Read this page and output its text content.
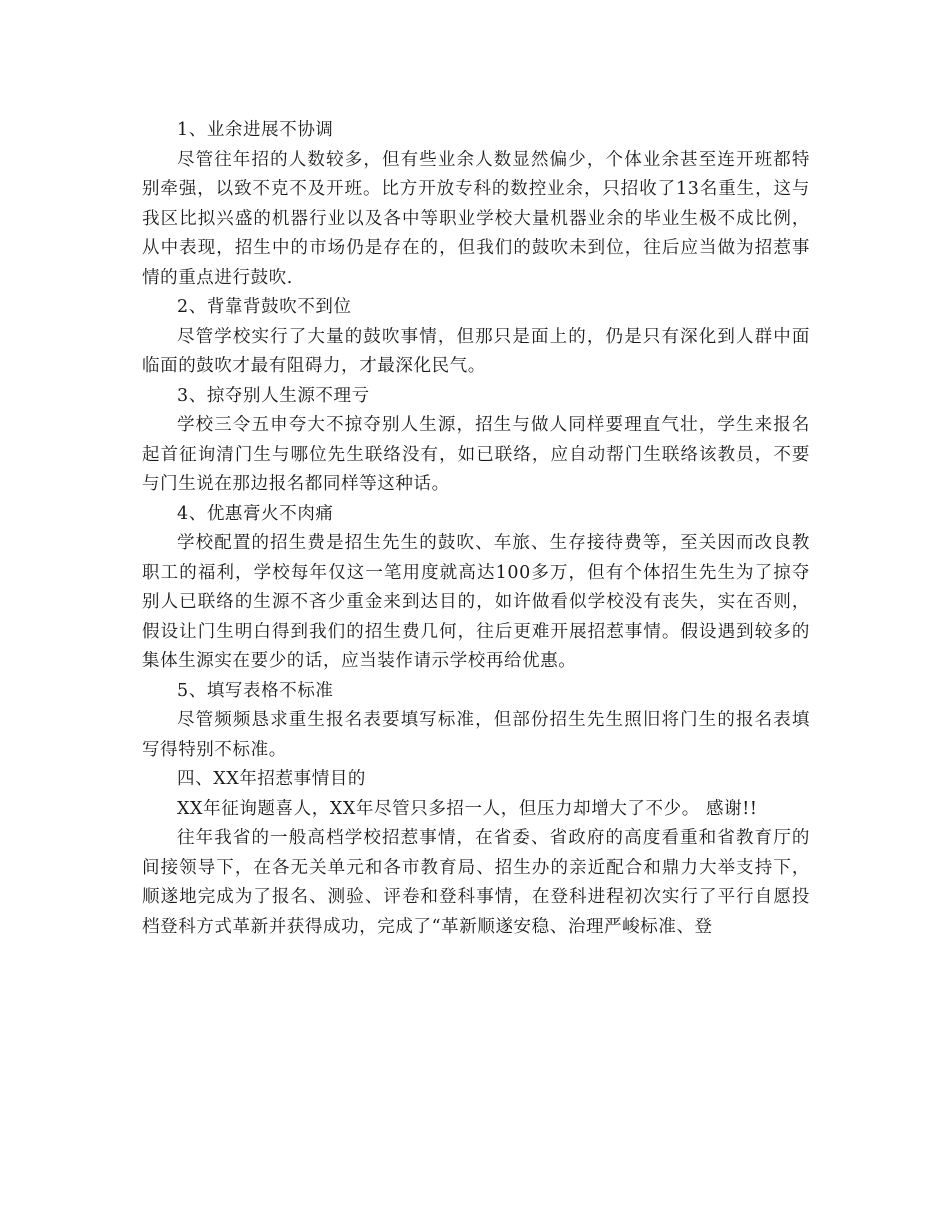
1、业余进展不协调

尽管往年招的人数较多，但有些业余人数显然偏少，个体业余甚至连开班都特别牵强，以致不克不及开班。比方开放专科的数控业余，只招收了13名重生，这与我区比拟兴盛的机器行业以及各中等职业学校大量机器业余的毕业生极不成比例，从中表现，招生中的市场仍是存在的，但我们的鼓吹未到位，往后应当做为招惹事情的重点进行鼓吹.

2、背靠背鼓吹不到位

尽管学校实行了大量的鼓吹事情，但那只是面上的，仍是只有深化到人群中面临面的鼓吹才最有阻碍力，才最深化民气。

3、掠夺别人生源不理亏

学校三令五申夸大不掠夺别人生源，招生与做人同样要理直气壮，学生来报名起首征询清门生与哪位先生联络没有，如已联络，应自动帮门生联络该教员，不要与门生说在那边报名都同样等这种话。

4、优惠膏火不肉痛

学校配置的招生费是招生先生的鼓吹、车旅、生存接待费等，至关因而改良教职工的福利，学校每年仅这一笔用度就高达100多万，但有个体招生先生为了掠夺别人已联络的生源不吝少重金来到达目的，如许做看似学校没有丧失，实在否则，假设让门生明白得到我们的招生费几何，往后更难开展招惹事情。假设遇到较多的集体生源实在要少的话，应当装作请示学校再给优惠。

5、填写表格不标准

尽管频频恳求重生报名表要填写标准，但部份招生先生照旧将门生的报名表填写得特别不标准。

四、XX年招惹事情目的

XX年征询题喜人，XX年尽管只多招一人，但压力却增大了不少。 感谢!!

往年我省的一般高档学校招惹事情，在省委、省政府的高度看重和省教育厅的间接领导下，在各无关单元和各市教育局、招生办的亲近配合和鼎力大举支持下，顺遂地完成为了报名、测验、评卷和登科事情，在登科进程初次实行了平行自愿投档登科方式革新并获得成功，完成了“革新顺遂安稳、治理严峻标准、登
